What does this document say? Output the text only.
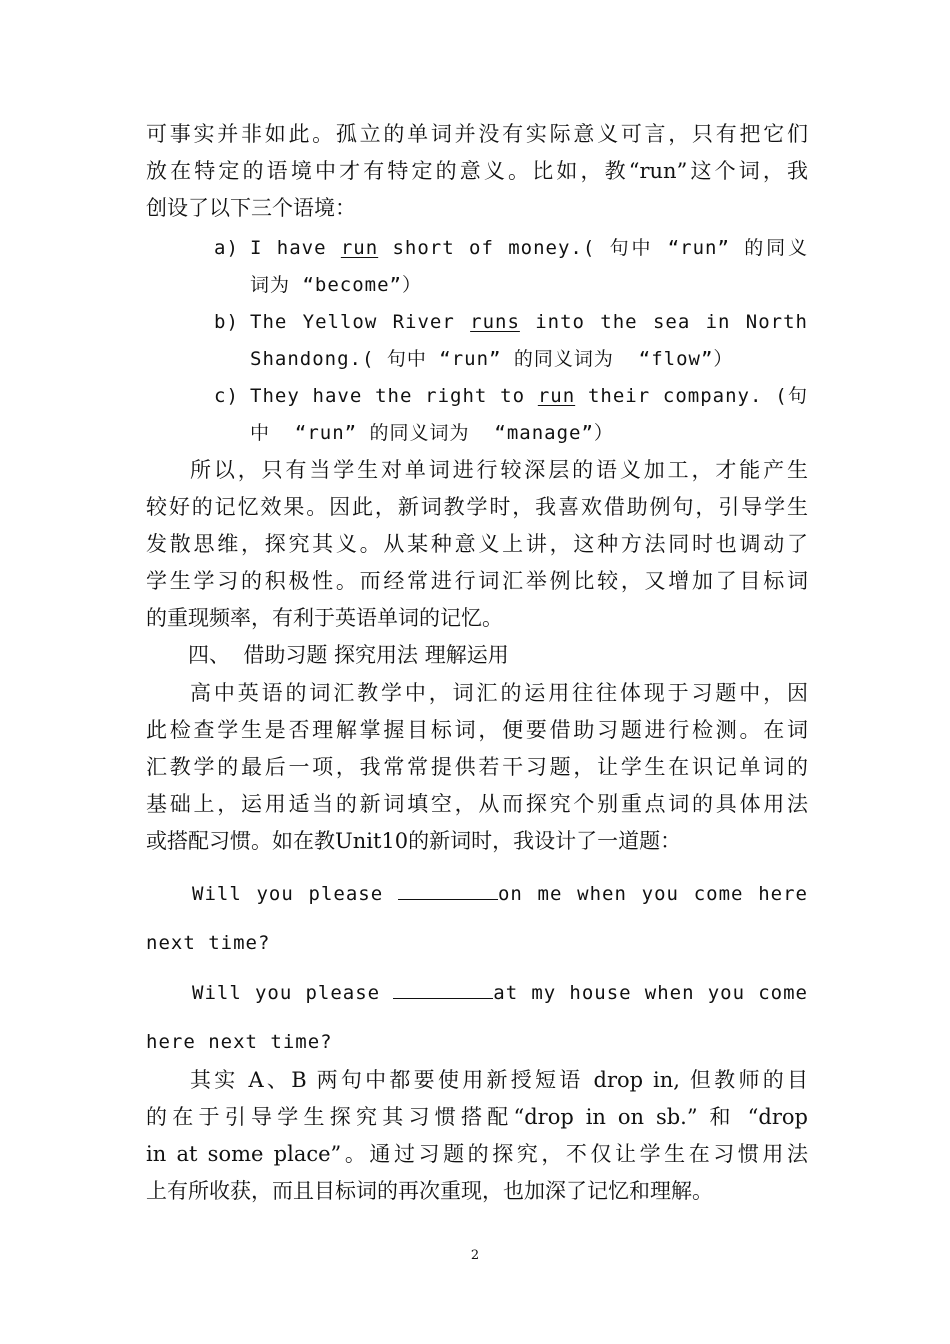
可事实并非如此。孤立的单词并没有实际意义可言，只有把它们
放在特定的语境中才有特定的意义。比如，教“run”这个词，我
创设了以下三个语境：
a) I have run short of money.( 句中 “run” 的同义
词为 “become”）
b) The Yellow River runs into the sea in North
Shandong.( 句中 “run” 的同义词为  “flow”）
c) They have the right to run their company. (句
中  “run” 的同义词为  “manage”）
所以，只有当学生对单词进行较深层的语义加工，才能产生
较好的记忆效果。因此，新词教学时，我喜欢借助例句，引导学生
发散思维，探究其义。从某种意义上讲，这种方法同时也调动了
学生学习的积极性。而经常进行词汇举例比较，又增加了目标词
的重现频率，有利于英语单词的记忆。
四、  借助习题 探究用法 理解运用
高中英语的词汇教学中，词汇的运用往往体现于习题中，因
此检查学生是否理解掌握目标词，便要借助习题进行检测。在词
汇教学的最后一项，我常常提供若干习题，让学生在识记单词的
基础上，运用适当的新词填空，从而探究个别重点词的具体用法
或搭配习惯。如在教Unit10的新词时，我设计了一道题：
Will you please	on me when you come here
next time?
Will you please	at my house when you come
here next time?
其实 A、B 两句中都要使用新授短语 drop in, 但教师的目
的在于引导学生探究其习惯搭配“drop in on sb.” 和 “drop
in at some place”。通过习题的探究，不仅让学生在习惯用法
上有所收获，而且目标词的再次重现，也加深了记忆和理解。
2
